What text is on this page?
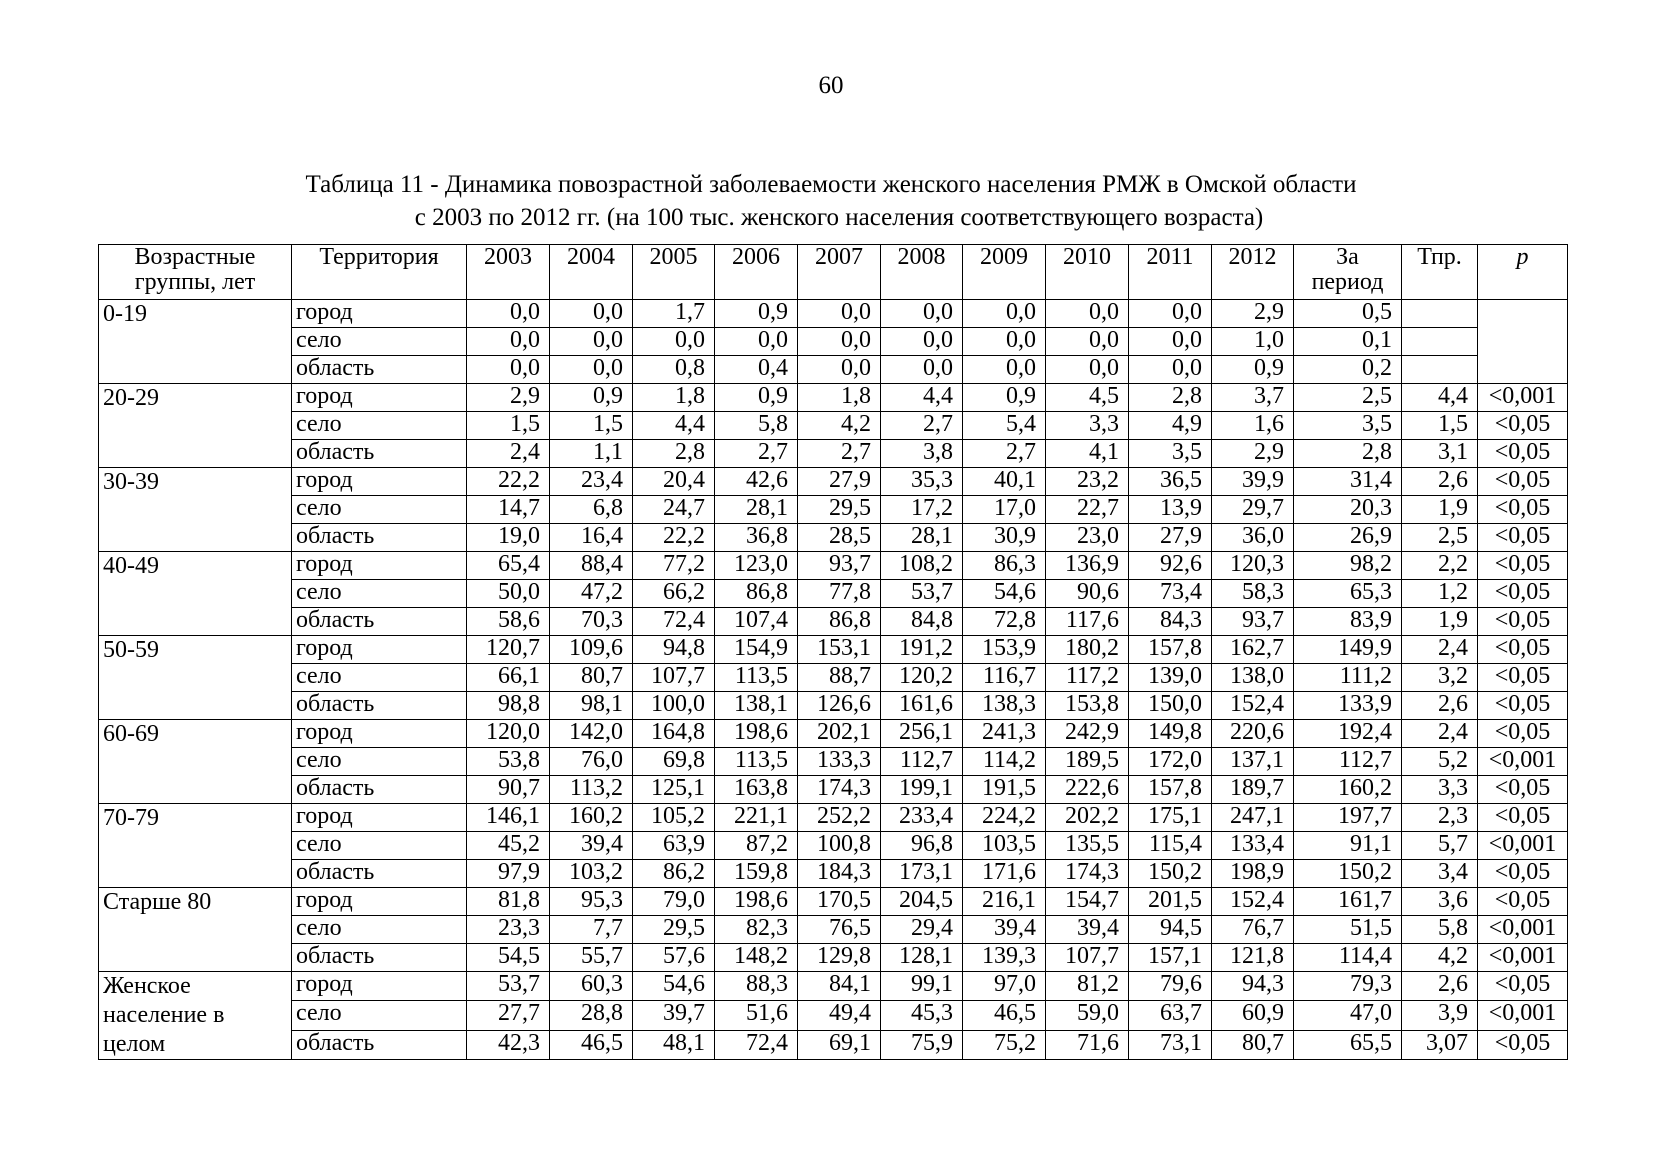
60
Таблица 11 - Динамика повозрастной заболеваемости женского населения РМЖ в Омской области
с 2003 по 2012 гг. (на 100 тыс. женского населения соответствующего возраста)
Возрастные группы, лет	Территория	2003	2004	2005	2006	2007	2008	2009	2010	2011	2012	За период	Тпр.	p
0-19	город	0,0	0,0	1,7	0,9	0,0	0,0	0,0	0,0	0,0	2,9	0,5		
	село	0,0	0,0	0,0	0,0	0,0	0,0	0,0	0,0	0,0	1,0	0,1		
	область	0,0	0,0	0,8	0,4	0,0	0,0	0,0	0,0	0,0	0,9	0,2		
20-29	город	2,9	0,9	1,8	0,9	1,8	4,4	0,9	4,5	2,8	3,7	2,5	4,4	<0,001
	село	1,5	1,5	4,4	5,8	4,2	2,7	5,4	3,3	4,9	1,6	3,5	1,5	<0,05
	область	2,4	1,1	2,8	2,7	2,7	3,8	2,7	4,1	3,5	2,9	2,8	3,1	<0,05
30-39	город	22,2	23,4	20,4	42,6	27,9	35,3	40,1	23,2	36,5	39,9	31,4	2,6	<0,05
	село	14,7	6,8	24,7	28,1	29,5	17,2	17,0	22,7	13,9	29,7	20,3	1,9	<0,05
	область	19,0	16,4	22,2	36,8	28,5	28,1	30,9	23,0	27,9	36,0	26,9	2,5	<0,05
40-49	город	65,4	88,4	77,2	123,0	93,7	108,2	86,3	136,9	92,6	120,3	98,2	2,2	<0,05
	село	50,0	47,2	66,2	86,8	77,8	53,7	54,6	90,6	73,4	58,3	65,3	1,2	<0,05
	область	58,6	70,3	72,4	107,4	86,8	84,8	72,8	117,6	84,3	93,7	83,9	1,9	<0,05
50-59	город	120,7	109,6	94,8	154,9	153,1	191,2	153,9	180,2	157,8	162,7	149,9	2,4	<0,05
	село	66,1	80,7	107,7	113,5	88,7	120,2	116,7	117,2	139,0	138,0	111,2	3,2	<0,05
	область	98,8	98,1	100,0	138,1	126,6	161,6	138,3	153,8	150,0	152,4	133,9	2,6	<0,05
60-69	город	120,0	142,0	164,8	198,6	202,1	256,1	241,3	242,9	149,8	220,6	192,4	2,4	<0,05
	село	53,8	76,0	69,8	113,5	133,3	112,7	114,2	189,5	172,0	137,1	112,7	5,2	<0,001
	область	90,7	113,2	125,1	163,8	174,3	199,1	191,5	222,6	157,8	189,7	160,2	3,3	<0,05
70-79	город	146,1	160,2	105,2	221,1	252,2	233,4	224,2	202,2	175,1	247,1	197,7	2,3	<0,05
	село	45,2	39,4	63,9	87,2	100,8	96,8	103,5	135,5	115,4	133,4	91,1	5,7	<0,001
	область	97,9	103,2	86,2	159,8	184,3	173,1	171,6	174,3	150,2	198,9	150,2	3,4	<0,05
Старше 80	город	81,8	95,3	79,0	198,6	170,5	204,5	216,1	154,7	201,5	152,4	161,7	3,6	<0,05
	село	23,3	7,7	29,5	82,3	76,5	29,4	39,4	39,4	94,5	76,7	51,5	5,8	<0,001
	область	54,5	55,7	57,6	148,2	129,8	128,1	139,3	107,7	157,1	121,8	114,4	4,2	<0,001
Женское население в целом	город	53,7	60,3	54,6	88,3	84,1	99,1	97,0	81,2	79,6	94,3	79,3	2,6	<0,05
	село	27,7	28,8	39,7	51,6	49,4	45,3	46,5	59,0	63,7	60,9	47,0	3,9	<0,001
	область	42,3	46,5	48,1	72,4	69,1	75,9	75,2	71,6	73,1	80,7	65,5	3,07	<0,05
